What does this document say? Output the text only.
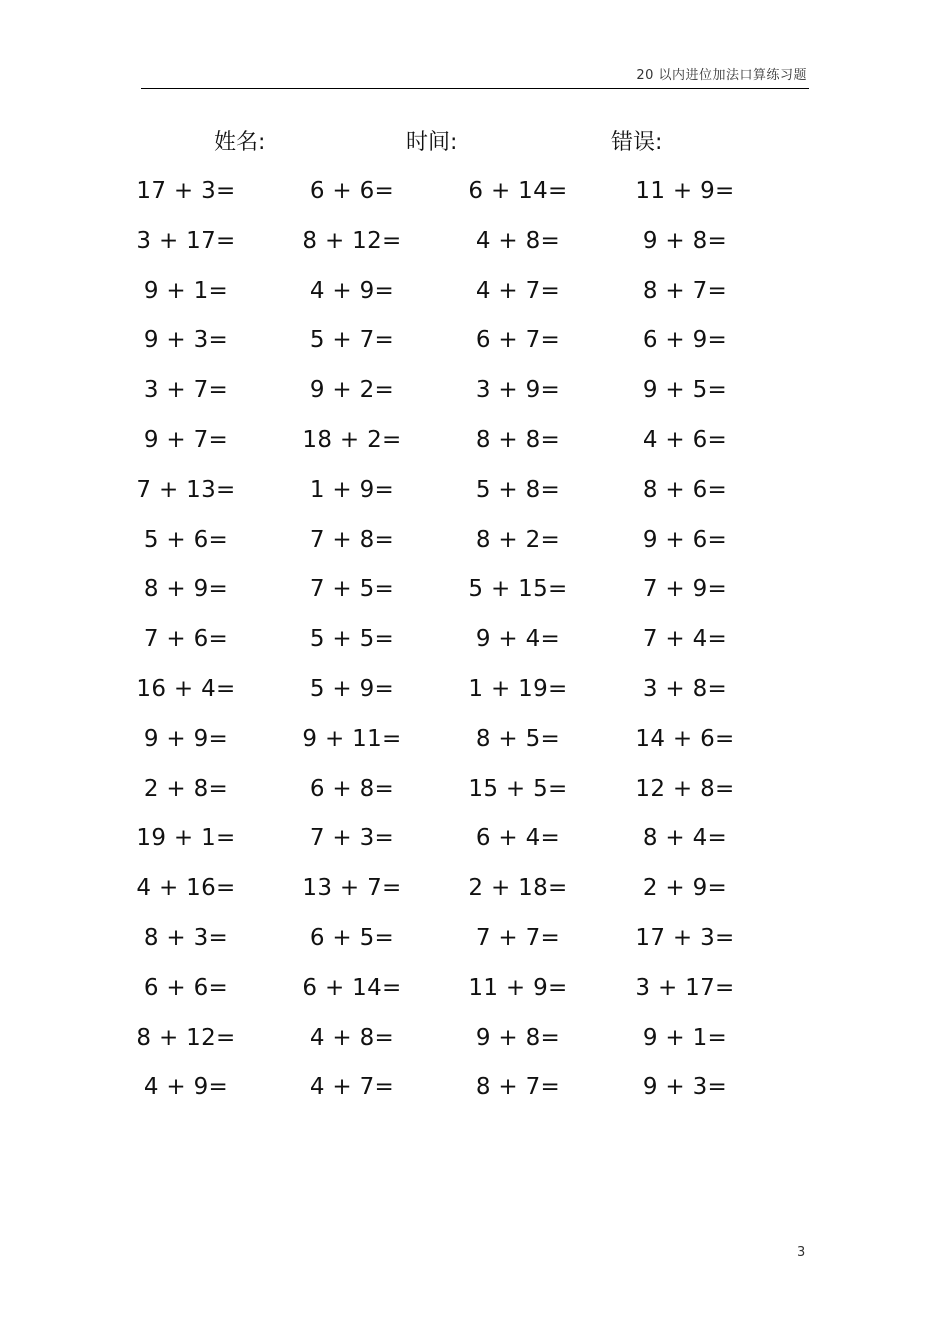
20 以内进位加法口算练习题
姓名:	时间:	错误:
17 + 3=	6 + 6=	6 + 14=	11 + 9=
3 + 17=	8 + 12=	4 + 8=	9 + 8=
9 + 1=	4 + 9=	4 + 7=	8 + 7=
9 + 3=	5 + 7=	6 + 7=	6 + 9=
3 + 7=	9 + 2=	3 + 9=	9 + 5=
9 + 7=	18 + 2=	8 + 8=	4 + 6=
7 + 13=	1 + 9=	5 + 8=	8 + 6=
5 + 6=	7 + 8=	8 + 2=	9 + 6=
8 + 9=	7 + 5=	5 + 15=	7 + 9=
7 + 6=	5 + 5=	9 + 4=	7 + 4=
16 + 4=	5 + 9=	1 + 19=	3 + 8=
9 + 9=	9 + 11=	8 + 5=	14 + 6=
2 + 8=	6 + 8=	15 + 5=	12 + 8=
19 + 1=	7 + 3=	6 + 4=	8 + 4=
4 + 16=	13 + 7=	2 + 18=	2 + 9=
8 + 3=	6 + 5=	7 + 7=	17 + 3=
6 + 6=	6 + 14=	11 + 9=	3 + 17=
8 + 12=	4 + 8=	9 + 8=	9 + 1=
4 + 9=	4 + 7=	8 + 7=	9 + 3=
3
